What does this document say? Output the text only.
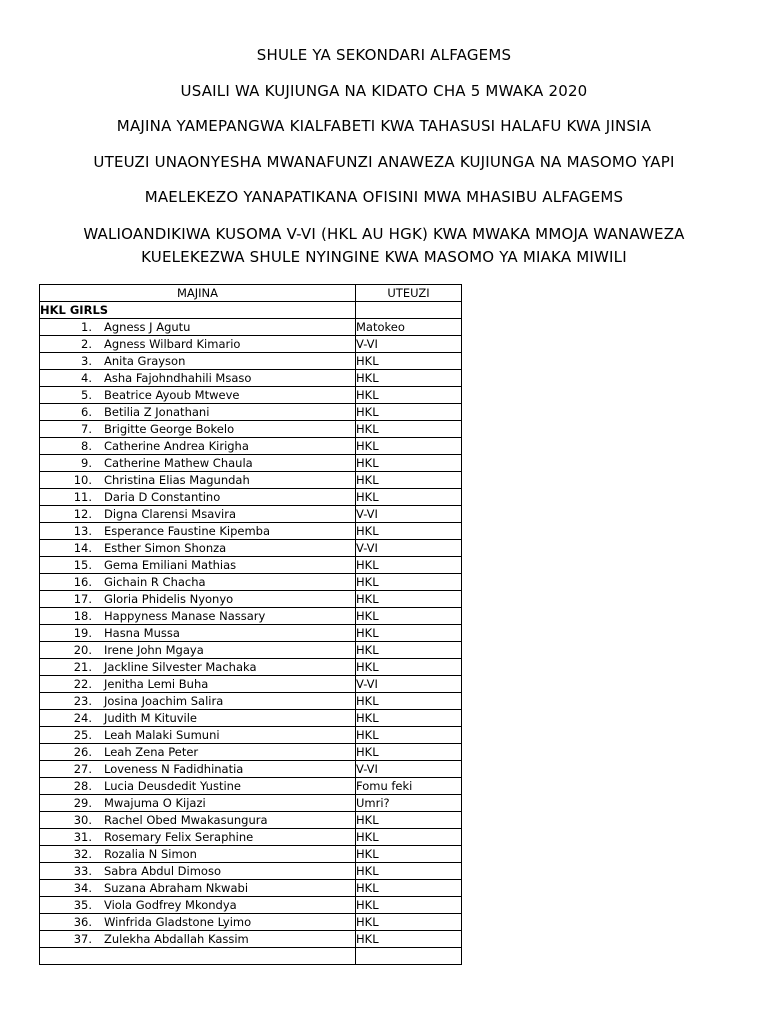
SHULE YA SEKONDARI ALFAGEMS
USAILI WA KUJIUNGA NA KIDATO CHA 5 MWAKA 2020
MAJINA YAMEPANGWA KIALFABETI KWA TAHASUSI HALAFU KWA JINSIA
UTEUZI UNAONYESHA MWANAFUNZI ANAWEZA KUJIUNGA NA MASOMO YAPI
MAELEKEZO YANAPATIKANA OFISINI MWA MHASIBU ALFAGEMS
WALIOANDIKIWA KUSOMA V-VI (HKL AU HGK) KWA MWAKA MMOJA WANAWEZA
KUELEKEZWA SHULE NYINGINE KWA MASOMO YA MIAKA MIWILI
MAJINA	UTEUZI
HKL GIRLS	
1. Agness J Agutu	Matokeo
2. Agness Wilbard Kimario	V-VI
3. Anita Grayson	HKL
4. Asha Fajohndhahili Msaso	HKL
5. Beatrice Ayoub Mtweve	HKL
6. Betilia Z Jonathani	HKL
7. Brigitte George Bokelo	HKL
8. Catherine Andrea Kirigha	HKL
9. Catherine Mathew Chaula	HKL
10. Christina Elias Magundah	HKL
11. Daria D Constantino	HKL
12. Digna Clarensi Msavira	V-VI
13. Esperance Faustine Kipemba	HKL
14. Esther Simon Shonza	V-VI
15. Gema Emiliani Mathias	HKL
16. Gichain R Chacha	HKL
17. Gloria Phidelis Nyonyo	HKL
18. Happyness Manase Nassary	HKL
19. Hasna Mussa	HKL
20. Irene John Mgaya	HKL
21. Jackline Silvester Machaka	HKL
22. Jenitha Lemi Buha	V-VI
23. Josina Joachim Salira	HKL
24. Judith M Kituvile	HKL
25. Leah Malaki Sumuni	HKL
26. Leah Zena Peter	HKL
27. Loveness N Fadidhinatia	V-VI
28. Lucia Deusdedit Yustine	Fomu feki
29. Mwajuma O Kijazi	Umri?
30. Rachel Obed Mwakasungura	HKL
31. Rosemary Felix Seraphine	HKL
32. Rozalia N Simon	HKL
33. Sabra Abdul Dimoso	HKL
34. Suzana Abraham Nkwabi	HKL
35. Viola Godfrey Mkondya	HKL
36. Winfrida Gladstone Lyimo	HKL
37. Zulekha Abdallah Kassim	HKL
